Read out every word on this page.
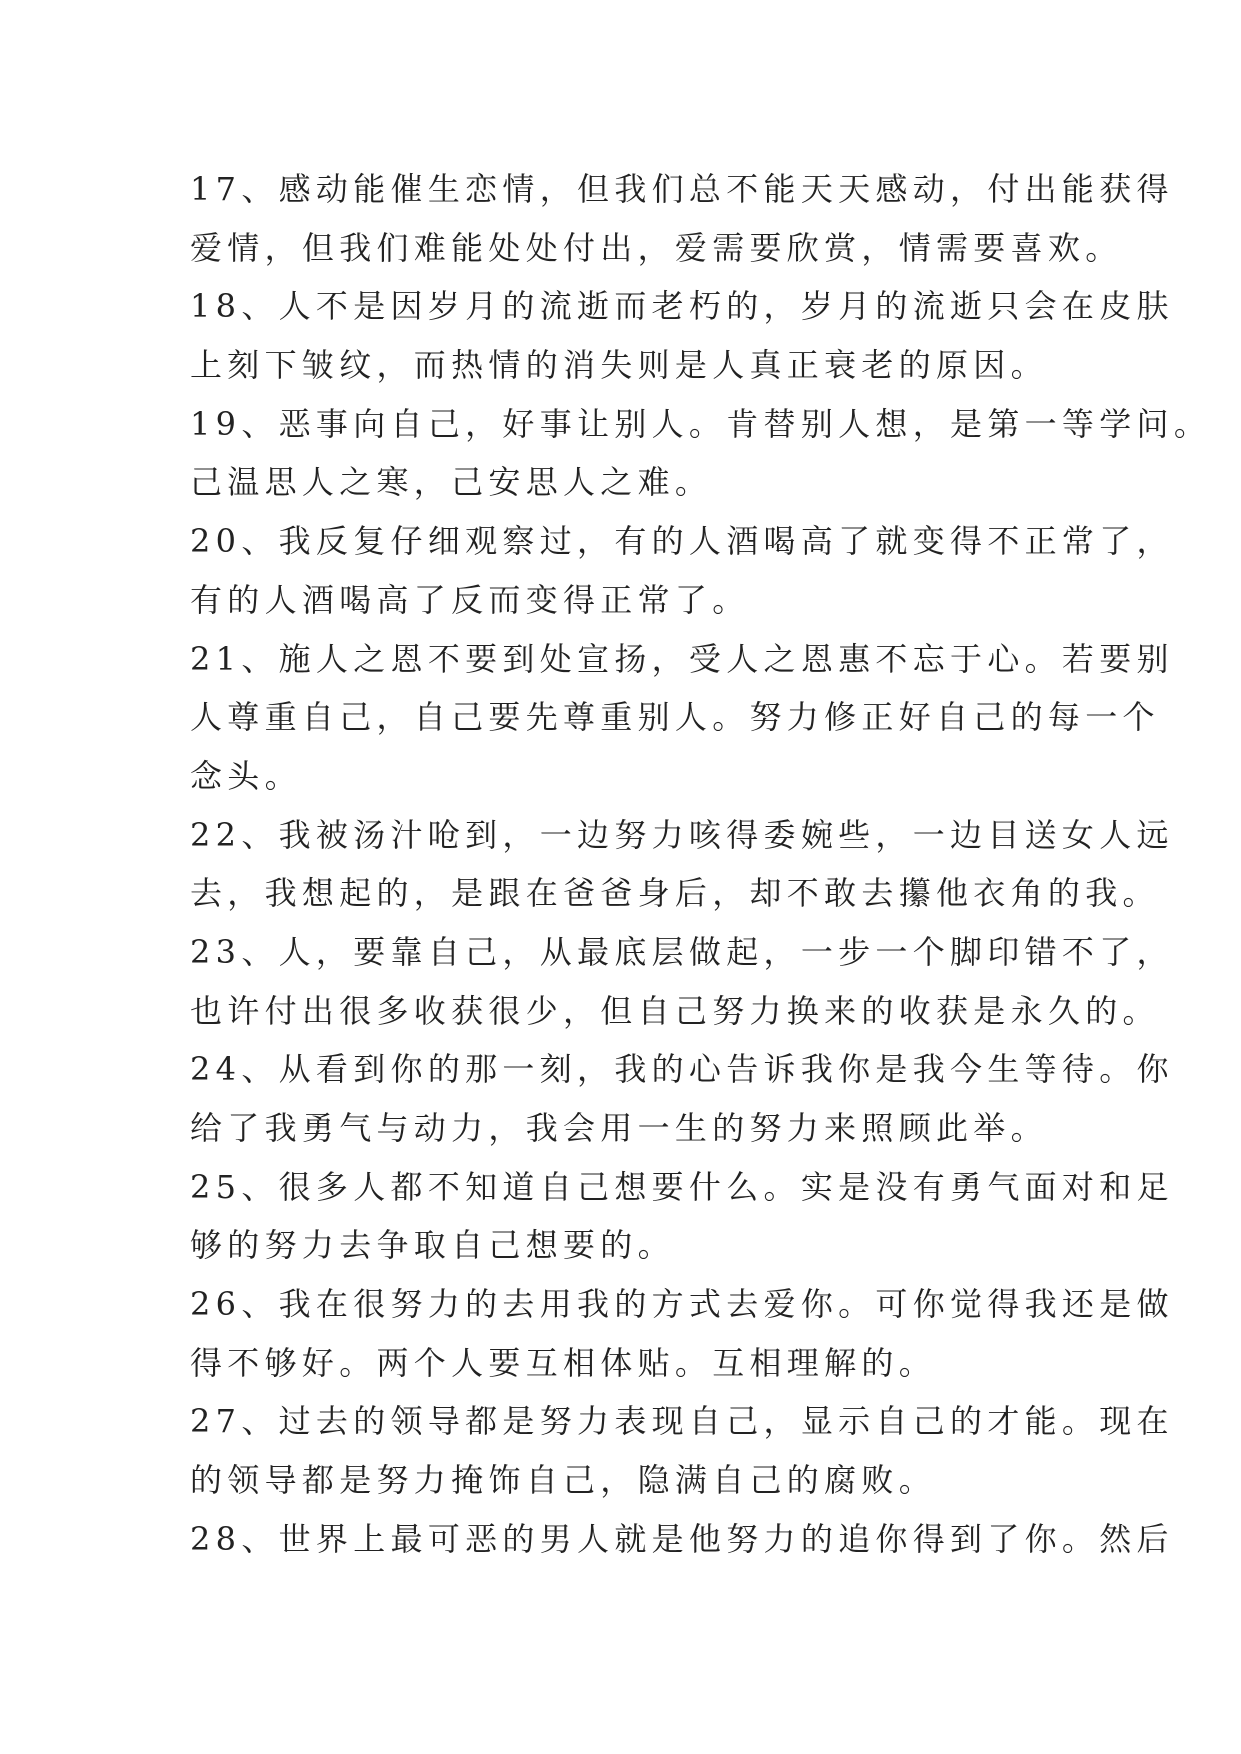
17、感动能催生恋情，但我们总不能天天感动，付出能获得
爱情，但我们难能处处付出，爱需要欣赏，情需要喜欢。
18、人不是因岁月的流逝而老朽的，岁月的流逝只会在皮肤
上刻下皱纹，而热情的消失则是人真正衰老的原因。
19、恶事向自己，好事让别人。肯替别人想，是第一等学问。
己温思人之寒，己安思人之难。
20、我反复仔细观察过，有的人酒喝高了就变得不正常了，
有的人酒喝高了反而变得正常了。
21、施人之恩不要到处宣扬，受人之恩惠不忘于心。若要别
人尊重自己，自己要先尊重别人。努力修正好自己的每一个
念头。
22、我被汤汁呛到，一边努力咳得委婉些，一边目送女人远
去，我想起的，是跟在爸爸身后，却不敢去攥他衣角的我。
23、人，要靠自己，从最底层做起，一步一个脚印错不了，
也许付出很多收获很少，但自己努力换来的收获是永久的。
24、从看到你的那一刻，我的心告诉我你是我今生等待。你
给了我勇气与动力，我会用一生的努力来照顾此举。
25、很多人都不知道自己想要什么。实是没有勇气面对和足
够的努力去争取自己想要的。
26、我在很努力的去用我的方式去爱你。可你觉得我还是做
得不够好。两个人要互相体贴。互相理解的。
27、过去的领导都是努力表现自己，显示自己的才能。现在
的领导都是努力掩饰自己，隐满自己的腐败。
28、世界上最可恶的男人就是他努力的追你得到了你。然后
